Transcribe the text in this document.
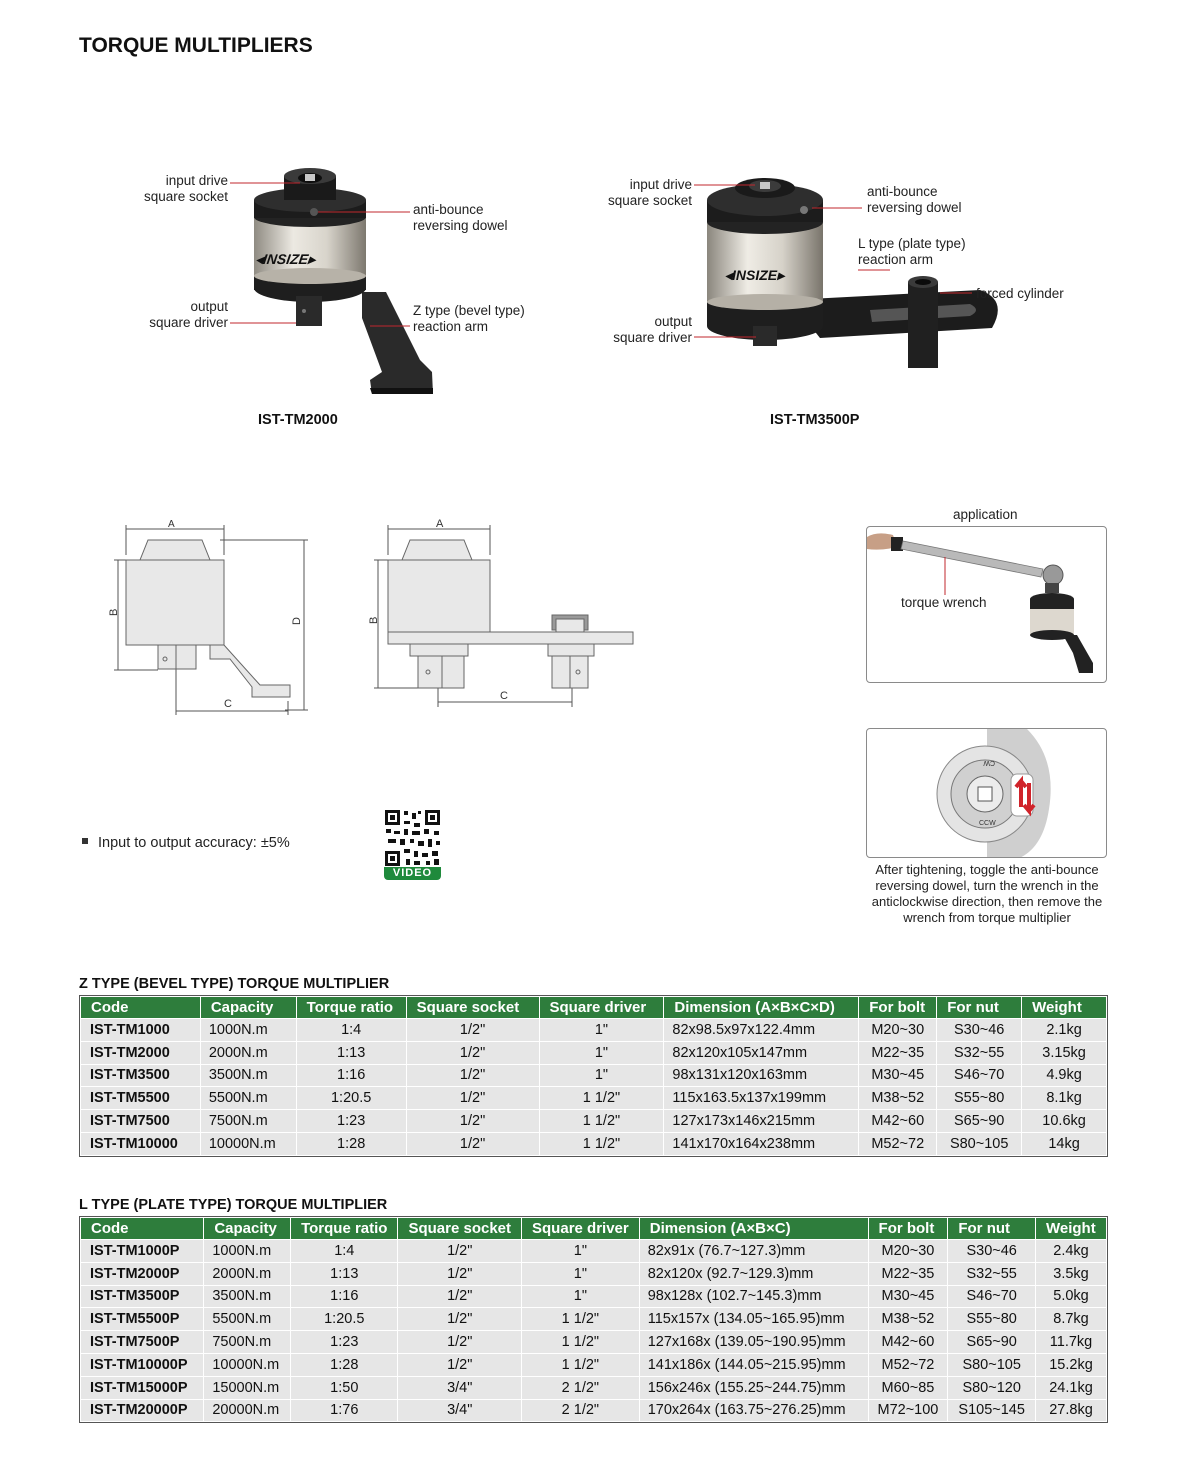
TORQUE MULTIPLIERS
◂INSIZE▸
input drive
square socket
anti-bounce
reversing dowel
output
square driver
Z type (bevel type)
reaction arm
IST-TM2000
◂INSIZE▸
input drive
square socket
anti-bounce
reversing dowel
L type (plate type)
reaction arm
forced cylinder
output
square driver
IST-TM3500P
A
B
D
C
A
B
C
application
torque wrench
CW
CCW
After tightening, toggle the anti-bounce reversing dowel, turn the wrench in the anticlockwise direction, then remove the wrench from torque multiplier
Input to output accuracy: ±5%
VIDEO
Z TYPE (BEVEL TYPE) TORQUE MULTIPLIER
Code	Capacity	Torque ratio	Square socket	Square driver	Dimension (A×B×C×D)	For bolt	For nut	Weight
IST-TM1000	1000N.m	1:4	1/2"	1"	82x98.5x97x122.4mm	M20~30	S30~46	2.1kg
IST-TM2000	2000N.m	1:13	1/2"	1"	82x120x105x147mm	M22~35	S32~55	3.15kg
IST-TM3500	3500N.m	1:16	1/2"	1"	98x131x120x163mm	M30~45	S46~70	4.9kg
IST-TM5500	5500N.m	1:20.5	1/2"	1 1/2"	115x163.5x137x199mm	M38~52	S55~80	8.1kg
IST-TM7500	7500N.m	1:23	1/2"	1 1/2"	127x173x146x215mm	M42~60	S65~90	10.6kg
IST-TM10000	10000N.m	1:28	1/2"	1 1/2"	141x170x164x238mm	M52~72	S80~105	14kg
L TYPE (PLATE TYPE) TORQUE MULTIPLIER
Code	Capacity	Torque ratio	Square socket	Square driver	Dimension (A×B×C)	For bolt	For nut	Weight
IST-TM1000P	1000N.m	1:4	1/2"	1"	82x91x (76.7~127.3)mm	M20~30	S30~46	2.4kg
IST-TM2000P	2000N.m	1:13	1/2"	1"	82x120x (92.7~129.3)mm	M22~35	S32~55	3.5kg
IST-TM3500P	3500N.m	1:16	1/2"	1"	98x128x (102.7~145.3)mm	M30~45	S46~70	5.0kg
IST-TM5500P	5500N.m	1:20.5	1/2"	1 1/2"	115x157x (134.05~165.95)mm	M38~52	S55~80	8.7kg
IST-TM7500P	7500N.m	1:23	1/2"	1 1/2"	127x168x (139.05~190.95)mm	M42~60	S65~90	11.7kg
IST-TM10000P	10000N.m	1:28	1/2"	1 1/2"	141x186x (144.05~215.95)mm	M52~72	S80~105	15.2kg
IST-TM15000P	15000N.m	1:50	3/4"	2 1/2"	156x246x (155.25~244.75)mm	M60~85	S80~120	24.1kg
IST-TM20000P	20000N.m	1:76	3/4"	2 1/2"	170x264x (163.75~276.25)mm	M72~100	S105~145	27.8kg
